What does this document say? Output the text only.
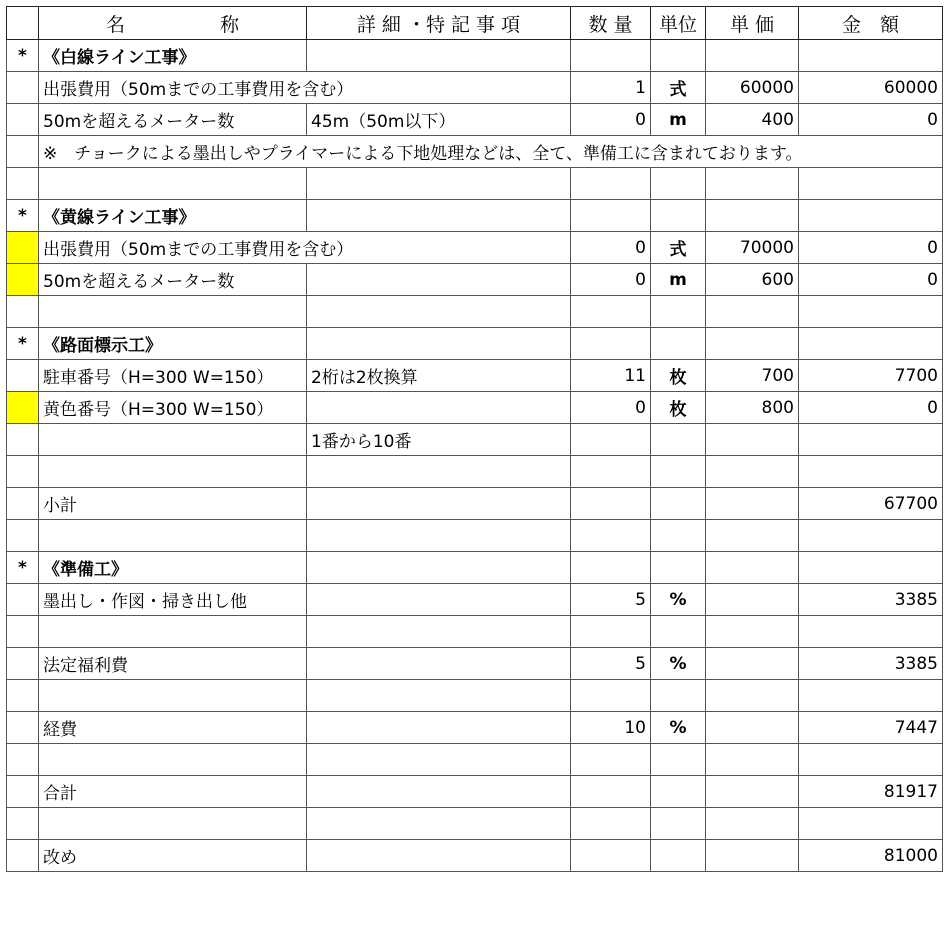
	名　　　　　称	詳 細 ・特 記 事 項	数 量	単位	単 価	金　額
*	《白線ライン工事》					
	出張費用（50mまでの工事費用を含む）		1	式	60000	60000
	50mを超えるメーター数	45m（50m以下）	0	m	400	0
	※　チョークによる墨出しやプライマーによる下地処理などは、全て、準備工に含まれております。					

*	《黄線ライン工事》					
	出張費用（50mまでの工事費用を含む）		0	式	70000	0
	50mを超えるメーター数		0	m	600	0

*	《路面標示工》					
	駐車番号（H=300 W=150）	2桁は2枚換算	11	枚	700	7700
	黄色番号（H=300 W=150）		0	枚	800	0
		1番から10番				

	小計					67700

*	《準備工》					
	墨出し・作図・掃き出し他		5	%		3385

	法定福利費		5	%		3385

	経費		10	%		7447

	合計					81917

	改め					81000
